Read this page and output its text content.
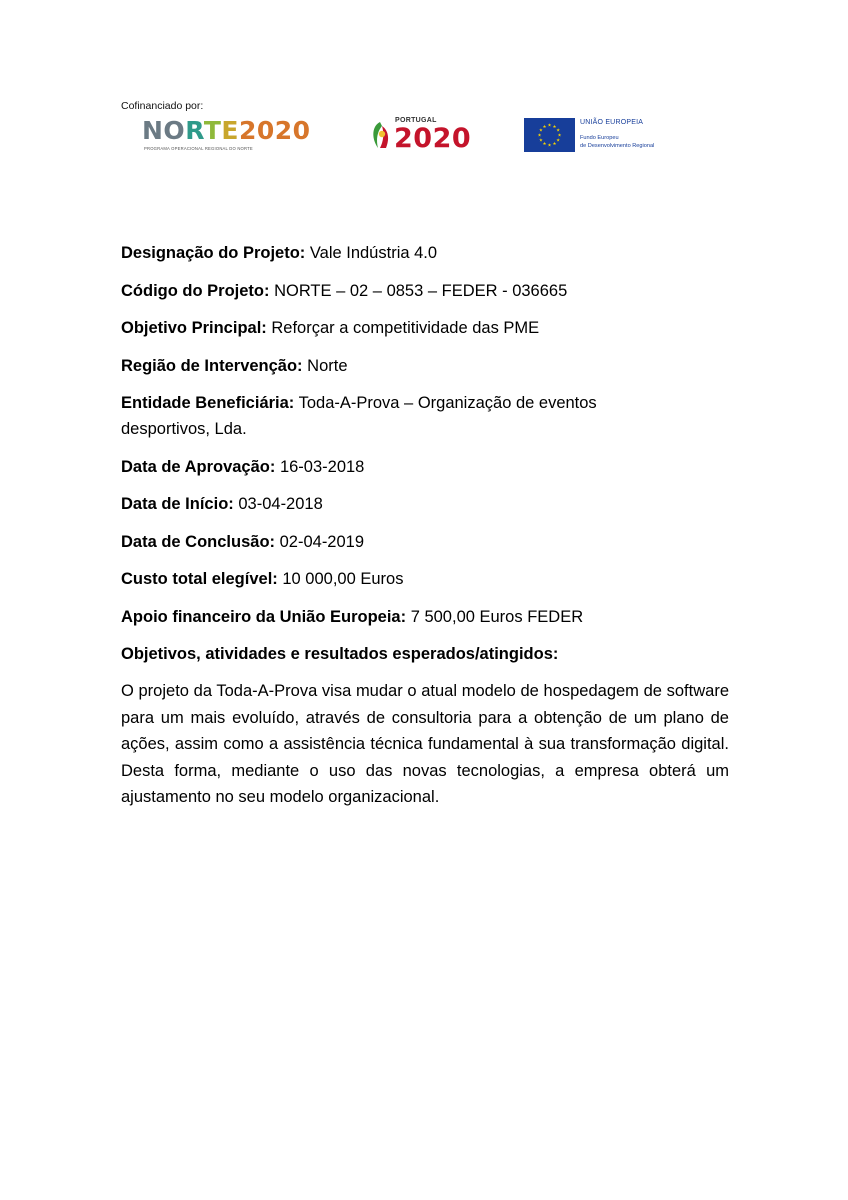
Cofinanciado por:
NORTE2020
PROGRAMA OPERACIONAL REGIONAL DO NORTE
PORTUGAL
2020	★
★
★
★
★
★
★
★
★ ★ ★
★
UNIÃO EUROPEIA
Fundo Europeu
de Desenvolvimento Regional
Designação do Projeto: Vale Indústria 4.0
Código do Projeto: NORTE – 02 – 0853 – FEDER - 036665
Objetivo Principal: Reforçar a competitividade das PME
Região de Intervenção: Norte
Entidade Beneficiária: Toda-A-Prova – Organização de eventos desportivos, Lda.
Data de Aprovação: 16-03-2018
Data de Início: 03-04-2018
Data de Conclusão: 02-04-2019
Custo total elegível: 10 000,00 Euros
Apoio financeiro da União Europeia: 7 500,00 Euros FEDER
Objetivos, atividades e resultados esperados/atingidos:

O projeto da Toda-A-Prova visa mudar o atual modelo de hospedagem de software para um mais evoluído, através de consultoria para a obtenção de um plano de ações, assim como a assistência técnica fundamental à sua transformação digital. Desta forma, mediante o uso das novas tecnologias, a empresa obterá um ajustamento no seu modelo organizacional.
